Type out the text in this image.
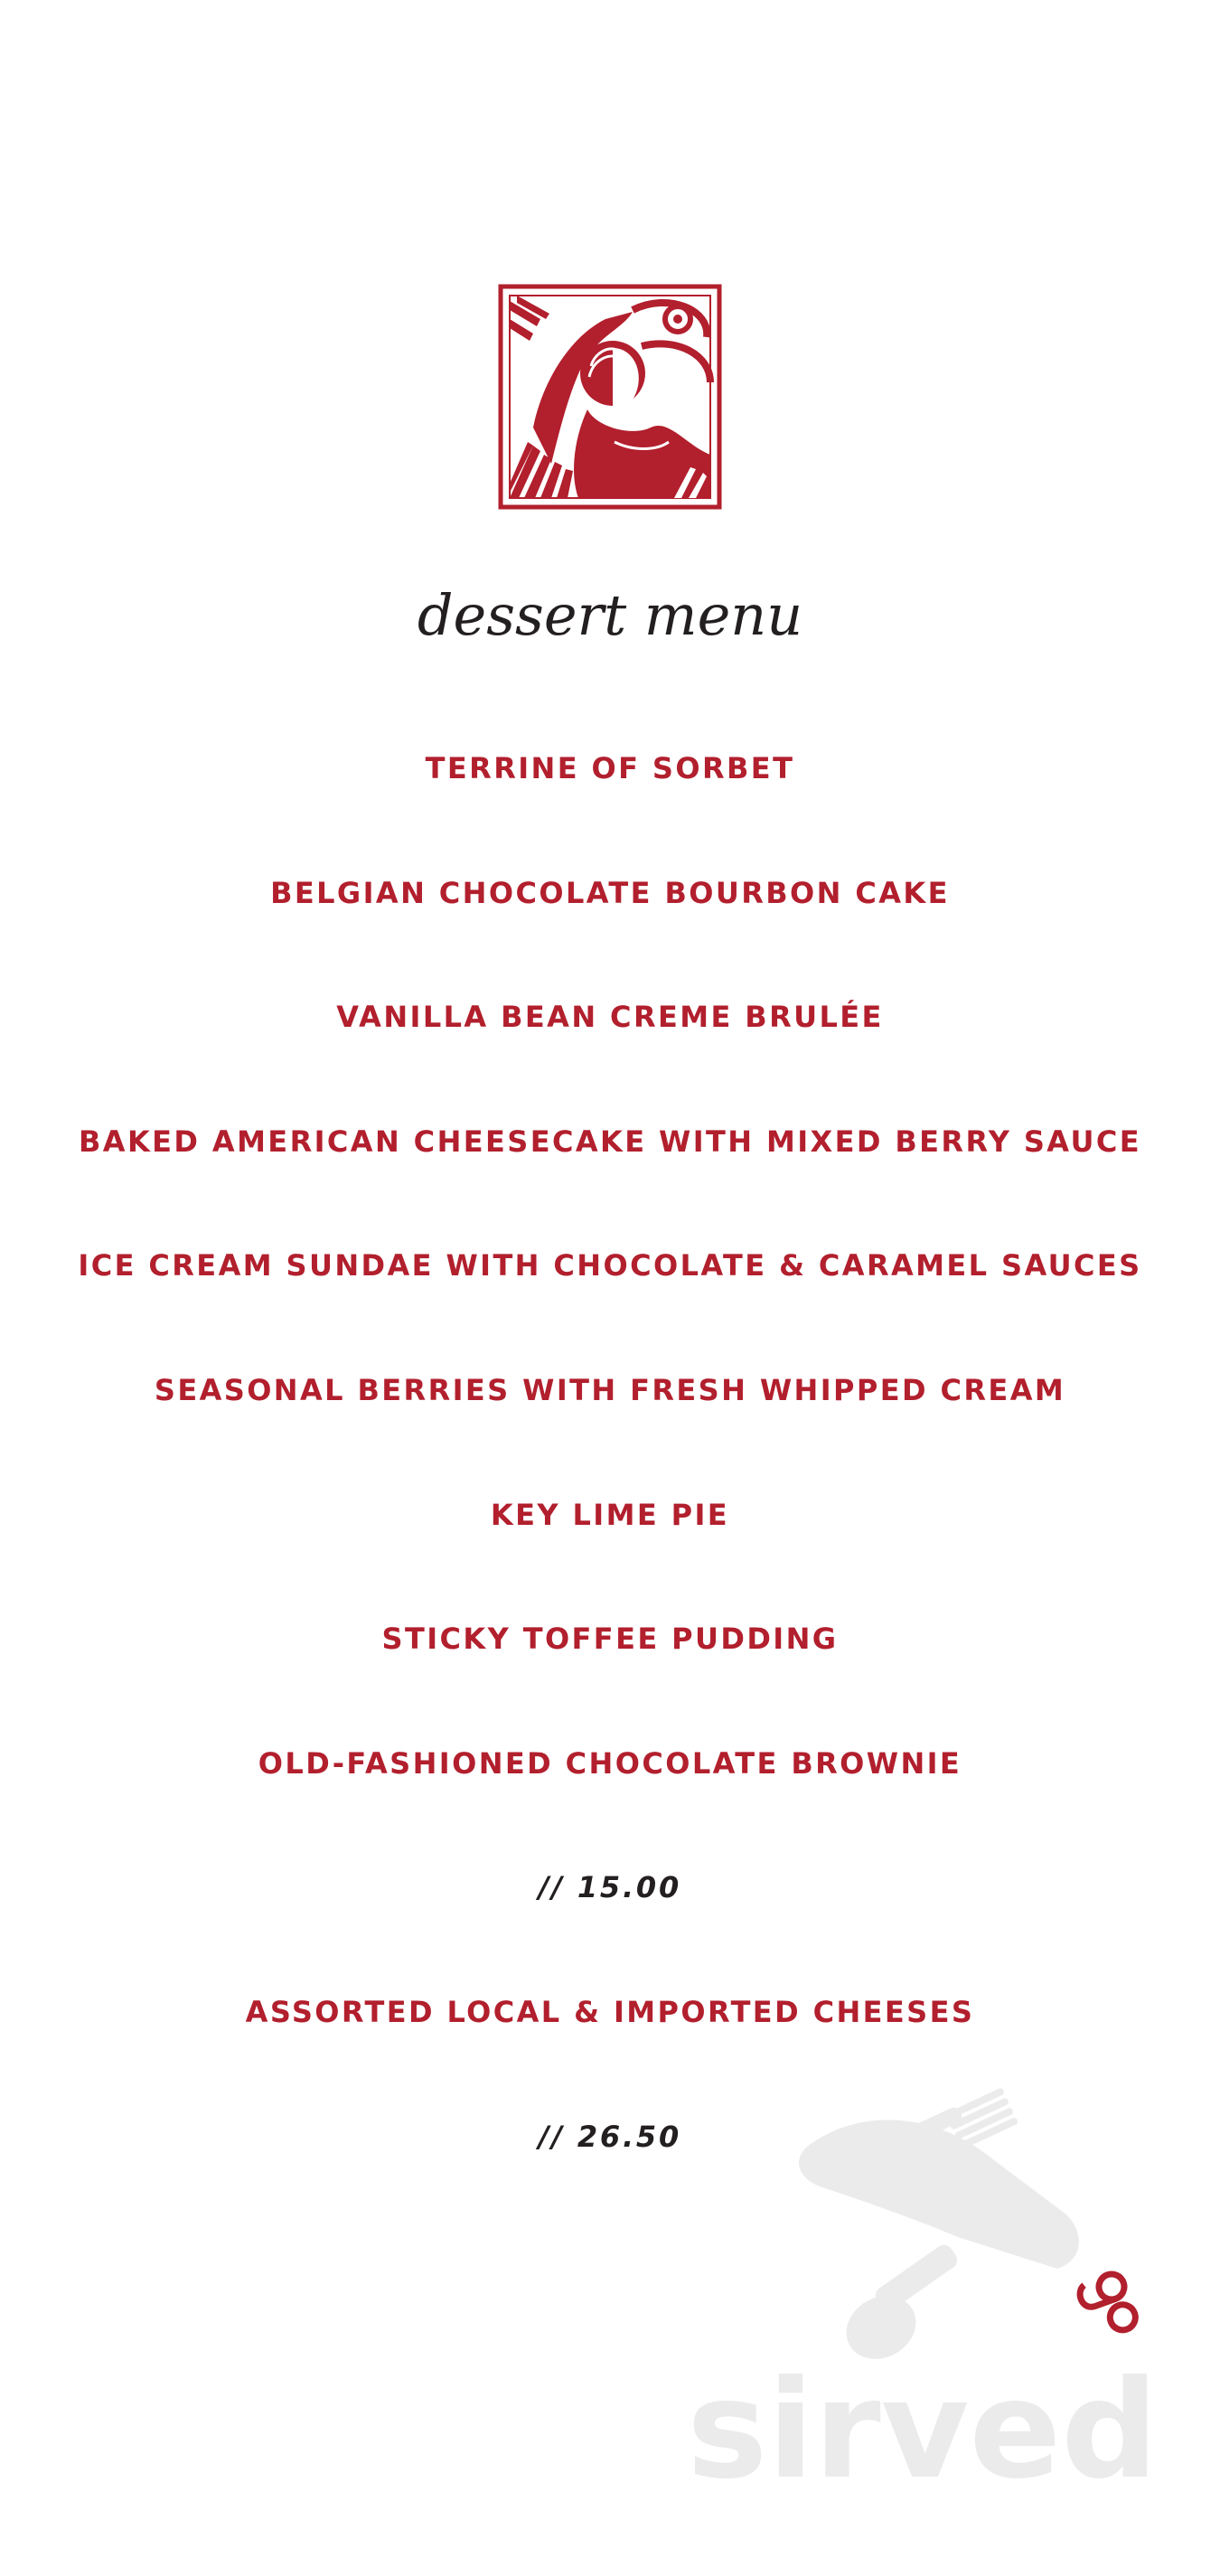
dessert menu
TERRINE OF SORBET
BELGIAN CHOCOLATE BOURBON CAKE
VANILLA BEAN CREME BRULÉE
BAKED AMERICAN CHEESECAKE WITH MIXED BERRY SAUCE
ICE CREAM SUNDAE WITH CHOCOLATE & CARAMEL SAUCES
SEASONAL BERRIES WITH FRESH WHIPPED CREAM
KEY LIME PIE
STICKY TOFFEE PUDDING
OLD-FASHIONED CHOCOLATE BROWNIE
// 15.00
ASSORTED LOCAL & IMPORTED CHEESES
// 26.50
sirved
